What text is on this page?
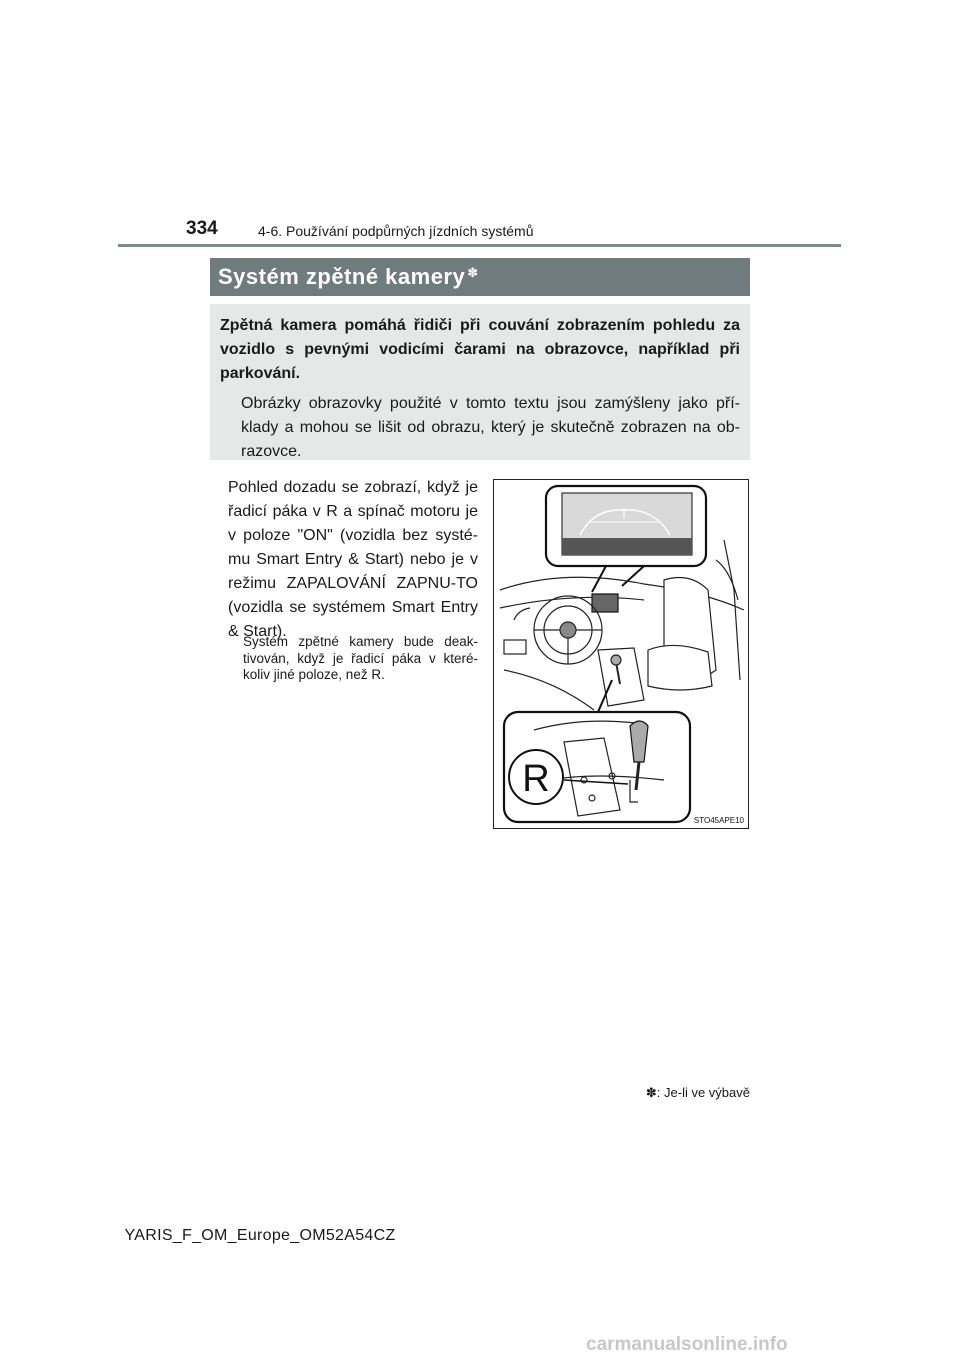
334	4-6. Používání podpůrných jízdních systémů
Systém zpětné kamery✽
Zpětná kamera pomáhá řidiči při couvání zobrazením pohledu za vozidlo s pevnými vodicími čarami na obrazovce, například při parkování.
Obrázky obrazovky použité v tomto textu jsou zamýšleny jako pří-klady a mohou se lišit od obrazu, který je skutečně zobrazen na ob-razovce.
Pohled dozadu se zobrazí, když je řadicí páka v R a spínač motoru je v poloze "ON" (vozidla bez systé-mu Smart Entry & Start) nebo je v režimu ZAPALOVÁNÍ ZAPNU-TO (vozidla se systémem Smart Entry & Start).
Systém zpětné kamery bude deak-tivován, když je řadicí páka v které-koliv jiné poloze, než R.
R
STO45APE10
✽: Je-li ve výbavě
YARIS_F_OM_Europe_OM52A54CZ
carmanualsonline.info
